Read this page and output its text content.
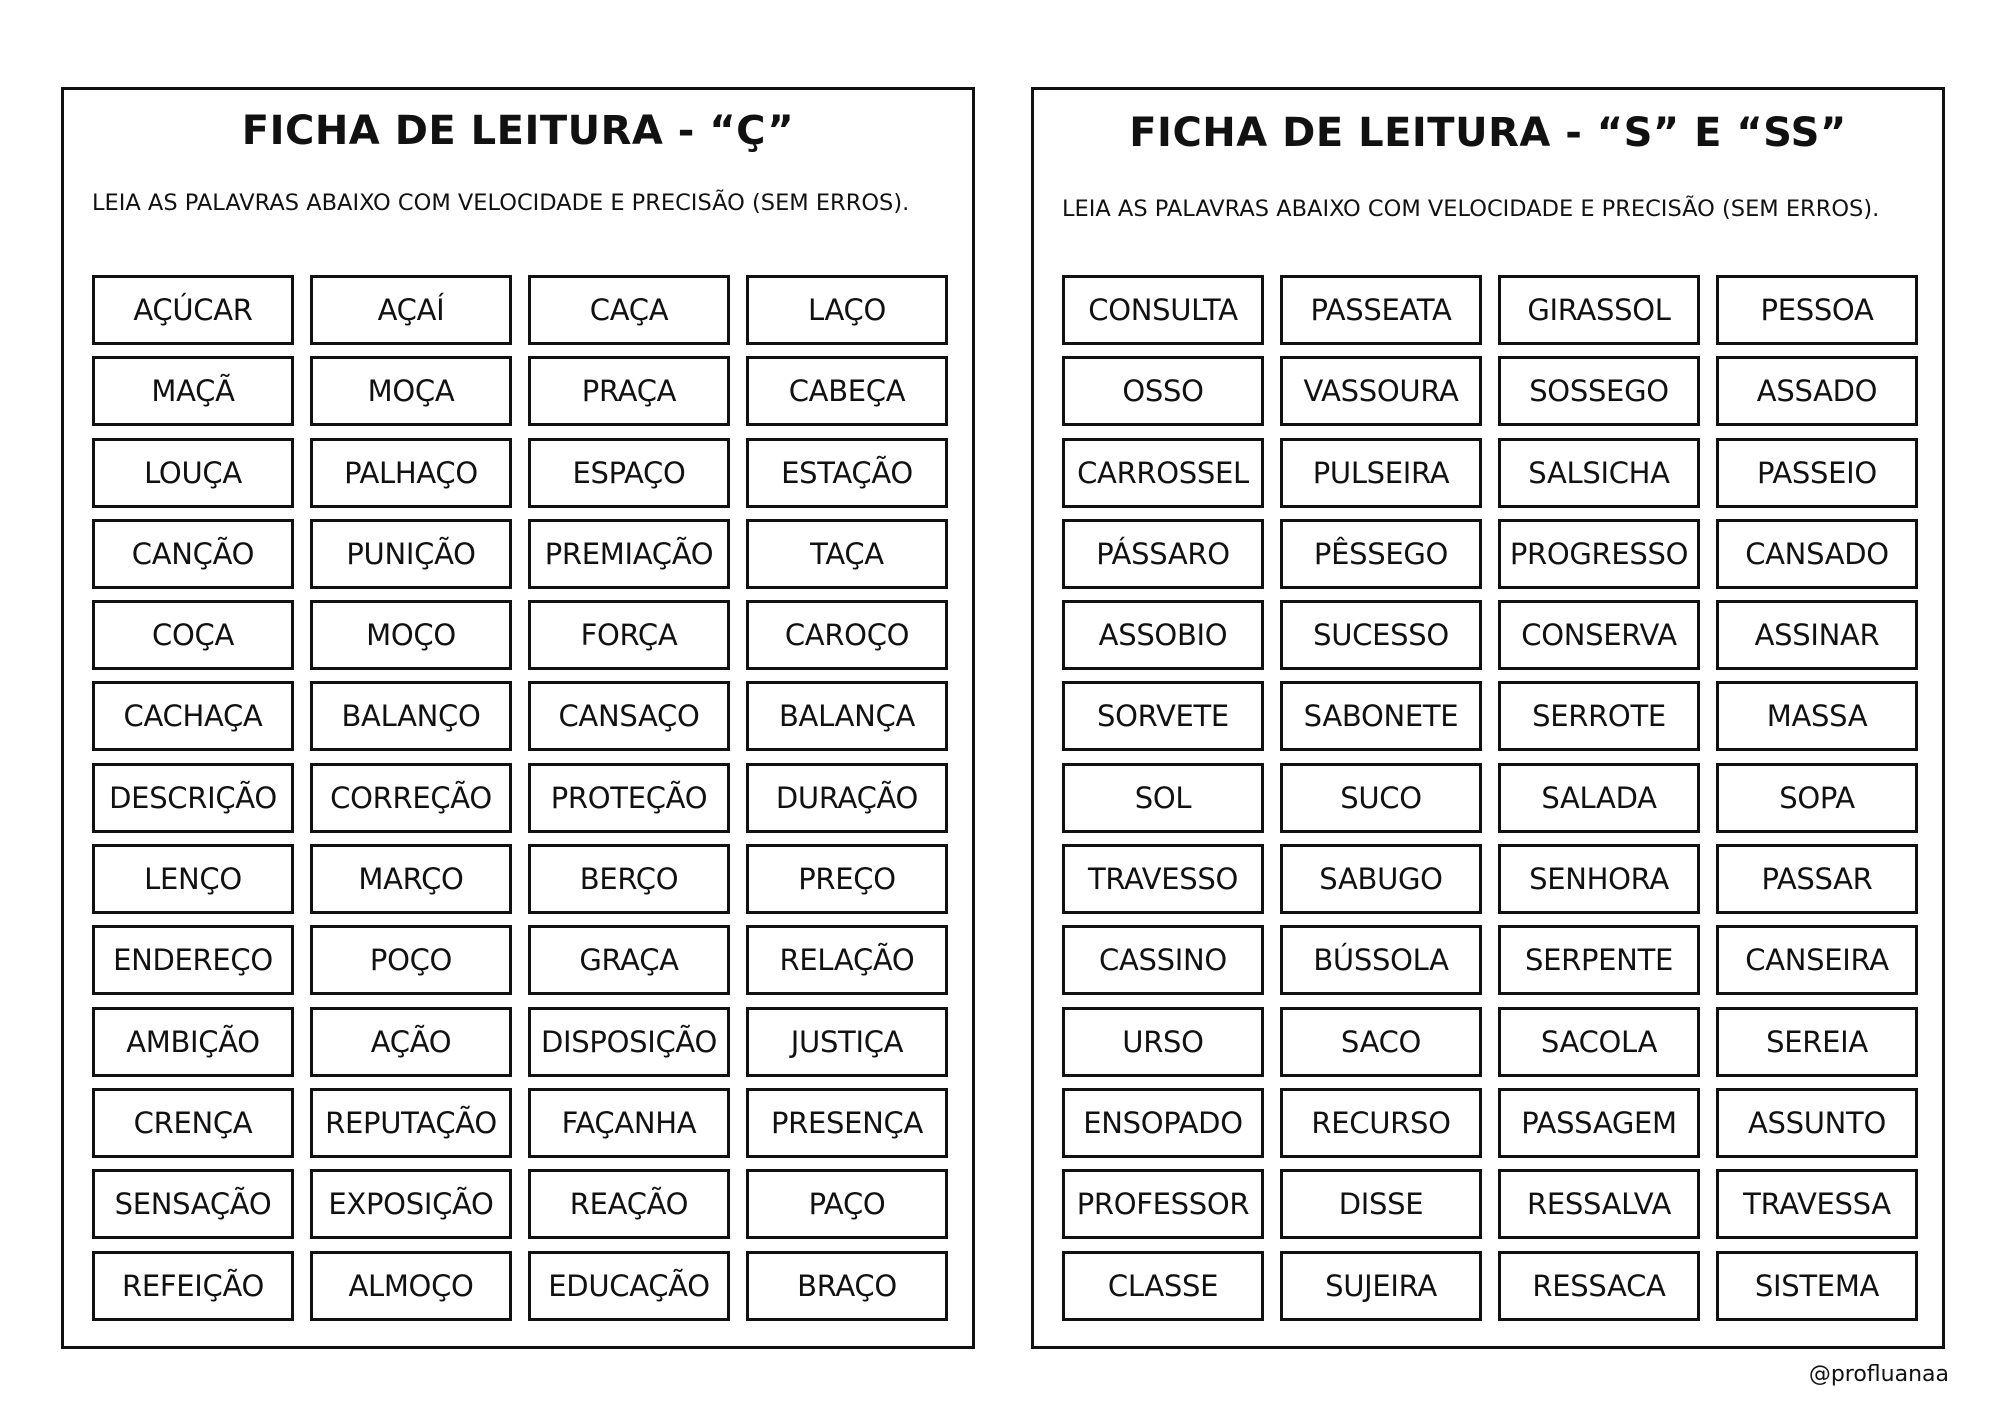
FICHA DE LEITURA - “Ç”

LEIA AS PALAVRAS ABAIXO COM VELOCIDADE E PRECISÃO (SEM ERROS).

AÇÚCAR	AÇAÍ	CAÇA	LAÇO
MAÇÃ	MOÇA	PRAÇA	CABEÇA
LOUÇA	PALHAÇO	ESPAÇO	ESTAÇÃO
CANÇÃO	PUNIÇÃO	PREMIAÇÃO	TAÇA
COÇA	MOÇO	FORÇA	CAROÇO
CACHAÇA	BALANÇO	CANSAÇO	BALANÇA
DESCRIÇÃO	CORREÇÃO	PROTEÇÃO	DURAÇÃO
LENÇO	MARÇO	BERÇO	PREÇO
ENDEREÇO	POÇO	GRAÇA	RELAÇÃO
AMBIÇÃO	AÇÃO	DISPOSIÇÃO	JUSTIÇA
CRENÇA	REPUTAÇÃO	FAÇANHA	PRESENÇA
SENSAÇÃO	EXPOSIÇÃO	REAÇÃO	PAÇO
REFEIÇÃO	ALMOÇO	EDUCAÇÃO	BRAÇO
FICHA DE LEITURA - “S” E “SS”

LEIA AS PALAVRAS ABAIXO COM VELOCIDADE E PRECISÃO (SEM ERROS).

CONSULTA	PASSEATA	GIRASSOL	PESSOA
OSSO	VASSOURA	SOSSEGO	ASSADO
CARROSSEL	PULSEIRA	SALSICHA	PASSEIO
PÁSSARO	PÊSSEGO	PROGRESSO	CANSADO
ASSOBIO	SUCESSO	CONSERVA	ASSINAR
SORVETE	SABONETE	SERROTE	MASSA
SOL	SUCO	SALADA	SOPA
TRAVESSO	SABUGO	SENHORA	PASSAR
CASSINO	BÚSSOLA	SERPENTE	CANSEIRA
URSO	SACO	SACOLA	SEREIA
ENSOPADO	RECURSO	PASSAGEM	ASSUNTO
PROFESSOR	DISSE	RESSALVA	TRAVESSA
CLASSE	SUJEIRA	RESSACA	SISTEMA
@profluanaa
